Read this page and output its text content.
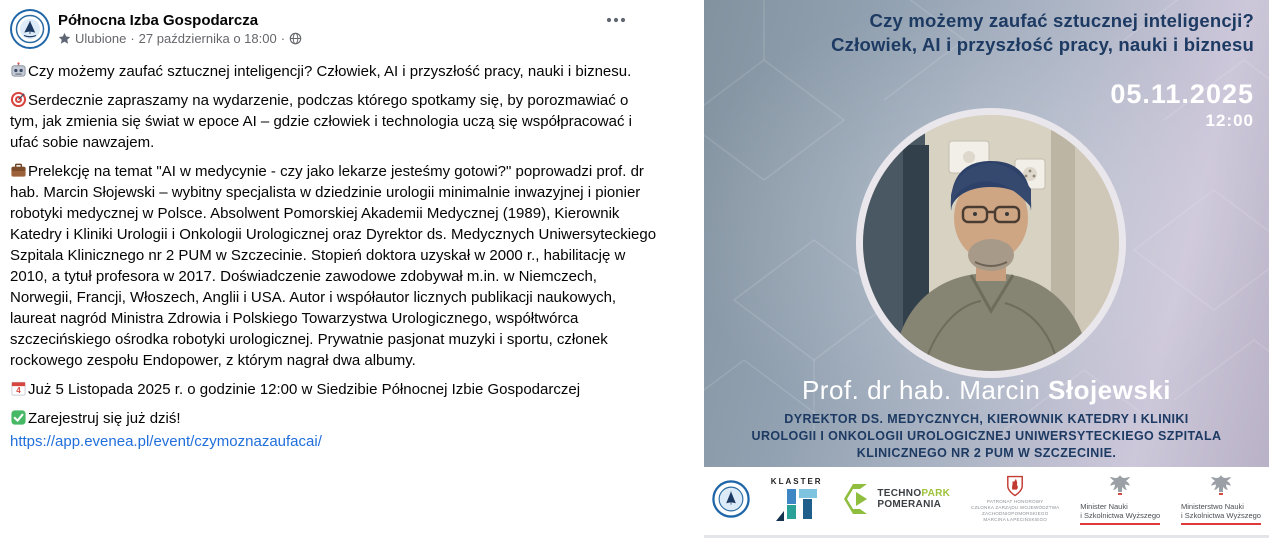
Północna Izba Gospodarcza
Ulubione · 27 października o 18:00 ·
Czy możemy zaufać sztucznej inteligencji? Człowiek, AI i przyszłość pracy, nauki i biznesu.
Serdecznie zapraszamy na wydarzenie, podczas którego spotkamy się, by porozmawiać o tym, jak zmienia się świat w epoce AI – gdzie człowiek i technologia uczą się współpracować i ufać sobie nawzajem.
Prelekcję na temat "AI w medycynie - czy jako lekarze jesteśmy gotowi?" poprowadzi prof. dr hab. Marcin Słojewski – wybitny specjalista w dziedzinie urologii minimalnie inwazyjnej i pionier robotyki medycznej w Polsce. Absolwent Pomorskiej Akademii Medycznej (1989), Kierownik Katedry i Kliniki Urologii i Onkologii Urologicznej oraz Dyrektor ds. Medycznych Uniwersyteckiego Szpitala Klinicznego nr 2 PUM w Szczecinie. Stopień doktora uzyskał w 2000 r., habilitację w 2010, a tytuł profesora w 2017. Doświadczenie zawodowe zdobywał m.in. w Niemczech, Norwegii, Francji, Włoszech, Anglii i USA. Autor i współautor licznych publikacji naukowych, laureat nagród Ministra Zdrowia i Polskiego Towarzystwa Urologicznego, współtwórca szczecińskiego ośrodka robotyki urologicznej. Prywatnie pasjonat muzyki i sportu, członek rockowego zespołu Endopower, z którym nagrał dwa albumy.
4 Już 5 Listopada 2025 r. o godzinie 12:00 w Siedzibie Północnej Izbie Gospodarczej
Zarejestruj się już dziś!
https://app.evenea.pl/event/czymoznazaufacai/
Czy możemy zaufać sztucznej inteligencji?
Człowiek, AI i przyszłość pracy, nauki i biznesu
05.11.2025
12:00
Prof. dr hab. Marcin Słojewski
DYREKTOR DS. MEDYCZNYCH, KIEROWNIK KATEDRY I KLINIKI
UROLOGII I ONKOLOGII UROLOGICZNEJ UNIWERSYTECKIEGO SZPITALA
KLINICZNEGO NR 2 PUM W SZCZECINIE.
KLASTER
TECHNOPARK
POMERANIA	PATRONAT HONOROWY
CZŁONKA ZARZĄDU WOJEWÓDZTWA
ZACHODNIOPOMORSKIEGO
MARCINA ŁAPECIŃSKIEGO
Minister Nauki
i Szkolnictwa Wyższego
Ministerstwo Nauki
i Szkolnictwa Wyższego
